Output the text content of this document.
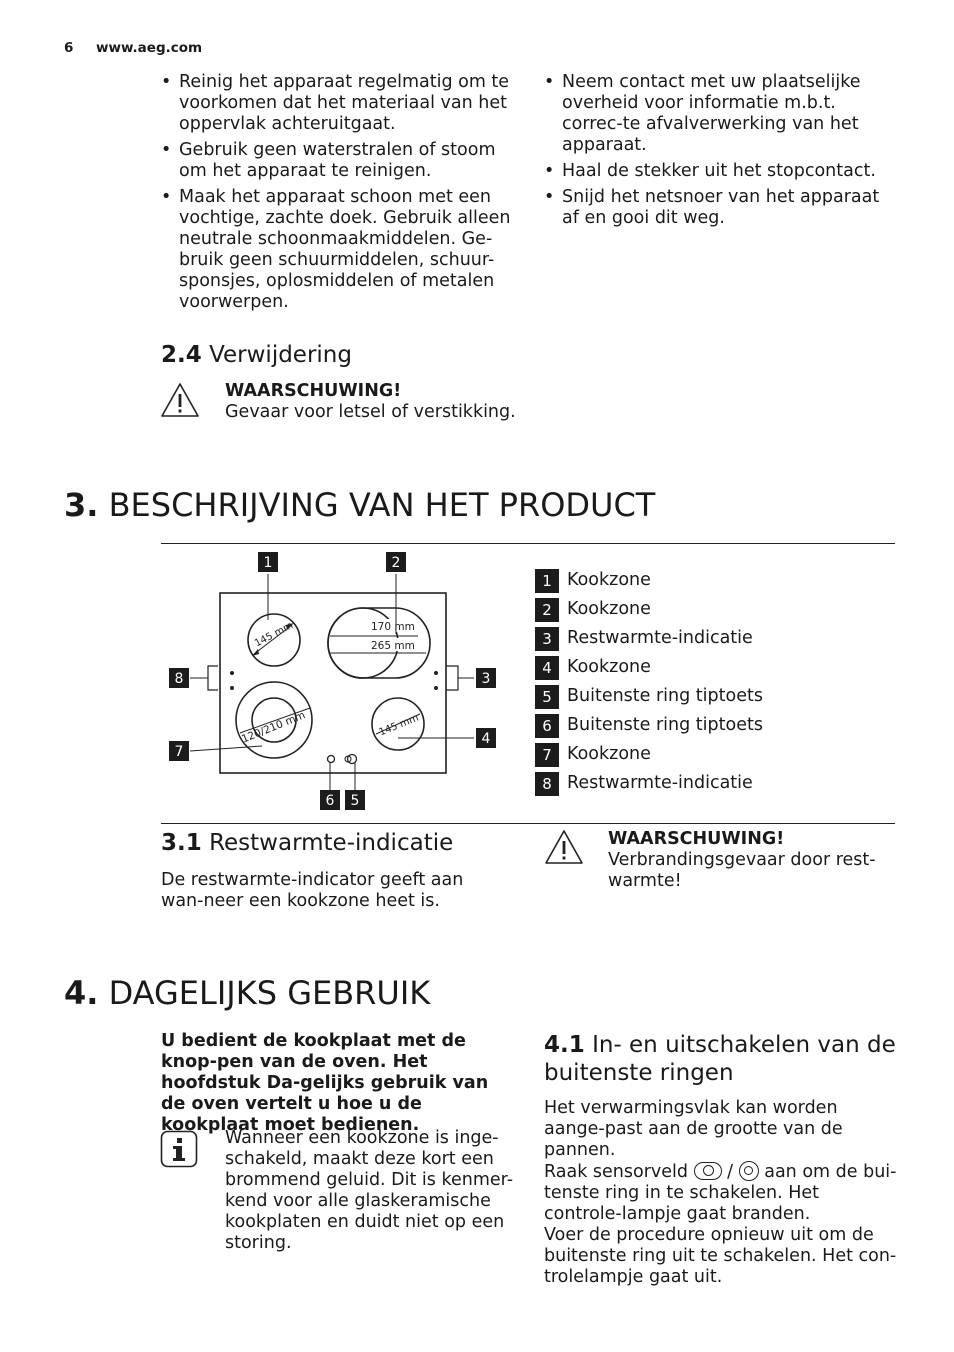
6 www.aeg.com
• Reinig het apparaat regelmatig om te voorkomen dat het materiaal van het oppervlak achteruitgaat.
• Gebruik geen waterstralen of stoom om het apparaat te reinigen.
• Maak het apparaat schoon met een vochtige, zachte doek. Gebruik alleen neutrale schoonmaakmiddelen. Ge-bruik geen schuurmiddelen, schuur-sponsjes, oplosmiddelen of metalen voorwerpen.
• Neem contact met uw plaatselijke overheid voor informatie m.b.t. correc-te afvalverwerking van het apparaat.
• Haal de stekker uit het stopcontact.
• Snijd het netsnoer van het apparaat af en gooi dit weg.
2.4 Verwijdering
WAARSCHUWING!
Gevaar voor letsel of verstikking.
3. BESCHRIJVING VAN HET PRODUCT
145 mm	170 mm
265 mm
120/210 mm	145 mm
1	2
3
4
5
6
7
8
1 Kookzone
2 Kookzone
3 Restwarmte-indicatie
4 Kookzone
5 Buitenste ring tiptoets
6 Buitenste ring tiptoets
7 Kookzone
8 Restwarmte-indicatie
3.1 Restwarmte-indicatie
De restwarmte-indicator geeft aan wan-neer een kookzone heet is.
WAARSCHUWING!
Verbrandingsgevaar door rest-warmte!
4. DAGELIJKS GEBRUIK
U bedient de kookplaat met de knop-pen van de oven. Het hoofdstuk Da-gelijks gebruik van de oven vertelt u hoe u de kookplaat moet bedienen.
Wanneer een kookzone is inge-schakeld, maakt deze kort een brommend geluid. Dit is kenmer-kend voor alle glaskeramische kookplaten en duidt niet op een storing.
4.1 In- en uitschakelen van de buitenste ringen
Het verwarmingsvlak kan worden aange-past aan de grootte van de pannen.
Raak sensorveld / aan om de bui-tenste ring in te schakelen. Het controle-lampje gaat branden.
Voer de procedure opnieuw uit om de buitenste ring uit te schakelen. Het con-trolelampje gaat uit.
